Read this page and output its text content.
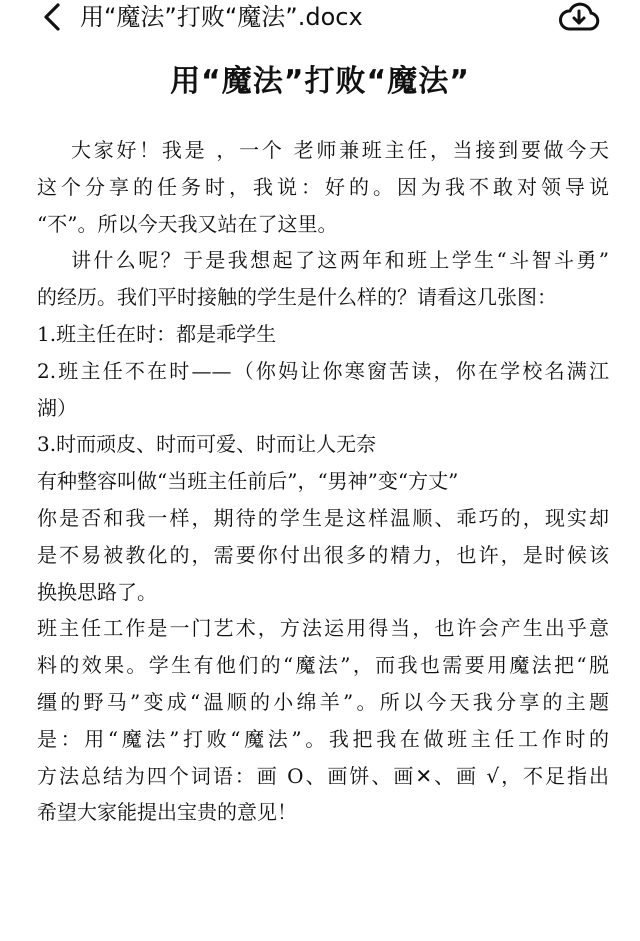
用“魔法”打败“魔法”.docx
用“魔法”打败“魔法”
大家好！我是 ，一个 老师兼班主任，当接到要做今天
这个分享的任务时，我说：好的。因为我不敢对领导说
“不”。所以今天我又站在了这里。
讲什么呢？于是我想起了这两年和班上学生“斗智斗勇”
的经历。我们平时接触的学生是什么样的？请看这几张图：
1.班主任在时：都是乖学生
2.班主任不在时——（你妈让你寒窗苦读，你在学校名满江
湖）
3.时而顽皮、时而可爱、时而让人无奈
有种整容叫做“当班主任前后”，“男神”变“方丈”
你是否和我一样，期待的学生是这样温顺、乖巧的，现实却
是不易被教化的，需要你付出很多的精力，也许，是时候该
换换思路了。
班主任工作是一门艺术，方法运用得当，也许会产生出乎意
料的效果。学生有他们的“魔法”，而我也需要用魔法把“脱
缰的野马”变成“温顺的小绵羊”。所以今天我分享的主题
是：用“魔法”打败“魔法”。我把我在做班主任工作时的
方法总结为四个词语：画 O、画饼、画✕、画 √，不足指出
希望大家能提出宝贵的意见！
